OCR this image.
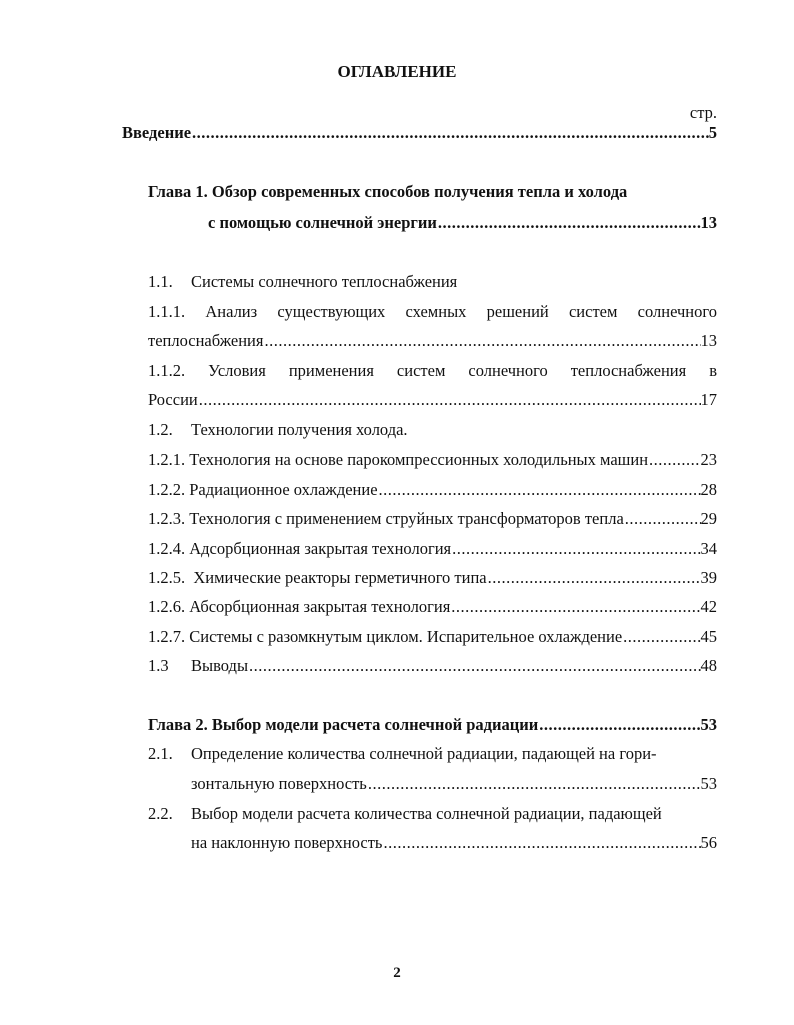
ОГЛАВЛЕНИЕ
стр.
Введение .....	5
Глава 1. Обзор современных способов получения тепла и холода
с помощью солнечной энергии .....	13
1.1.	Системы солнечного теплоснабжения
1.1.1. Анализ существующих схемных решений систем солнечного
теплоснабжения .....	13
1.1.2. Условия применения систем солнечного теплоснабжения в
России .....	17
1.2.	Технологии получения холода.
1.2.1. Технология на основе парокомпрессионных холодильных машин .....	23
1.2.2. Радиационное охлаждение .....	28
1.2.3. Технология с применением струйных трансформаторов тепла .....	29
1.2.4. Адсорбционная закрытая технология .....	34
1.2.5.  Химические реакторы герметичного типа .....	39
1.2.6. Абсорбционная закрытая технология .....	42
1.2.7. Системы с разомкнутым циклом. Испарительное охлаждение .....	45
1.3	Выводы .....	48
Глава 2. Выбор модели расчета солнечной радиации .....	53
2.1.	Определение количества солнечной радиации, падающей на гори-
зонтальную поверхность .....	53
2.2.	Выбор модели расчета количества солнечной радиации, падающей
на наклонную поверхность .....	56
2
